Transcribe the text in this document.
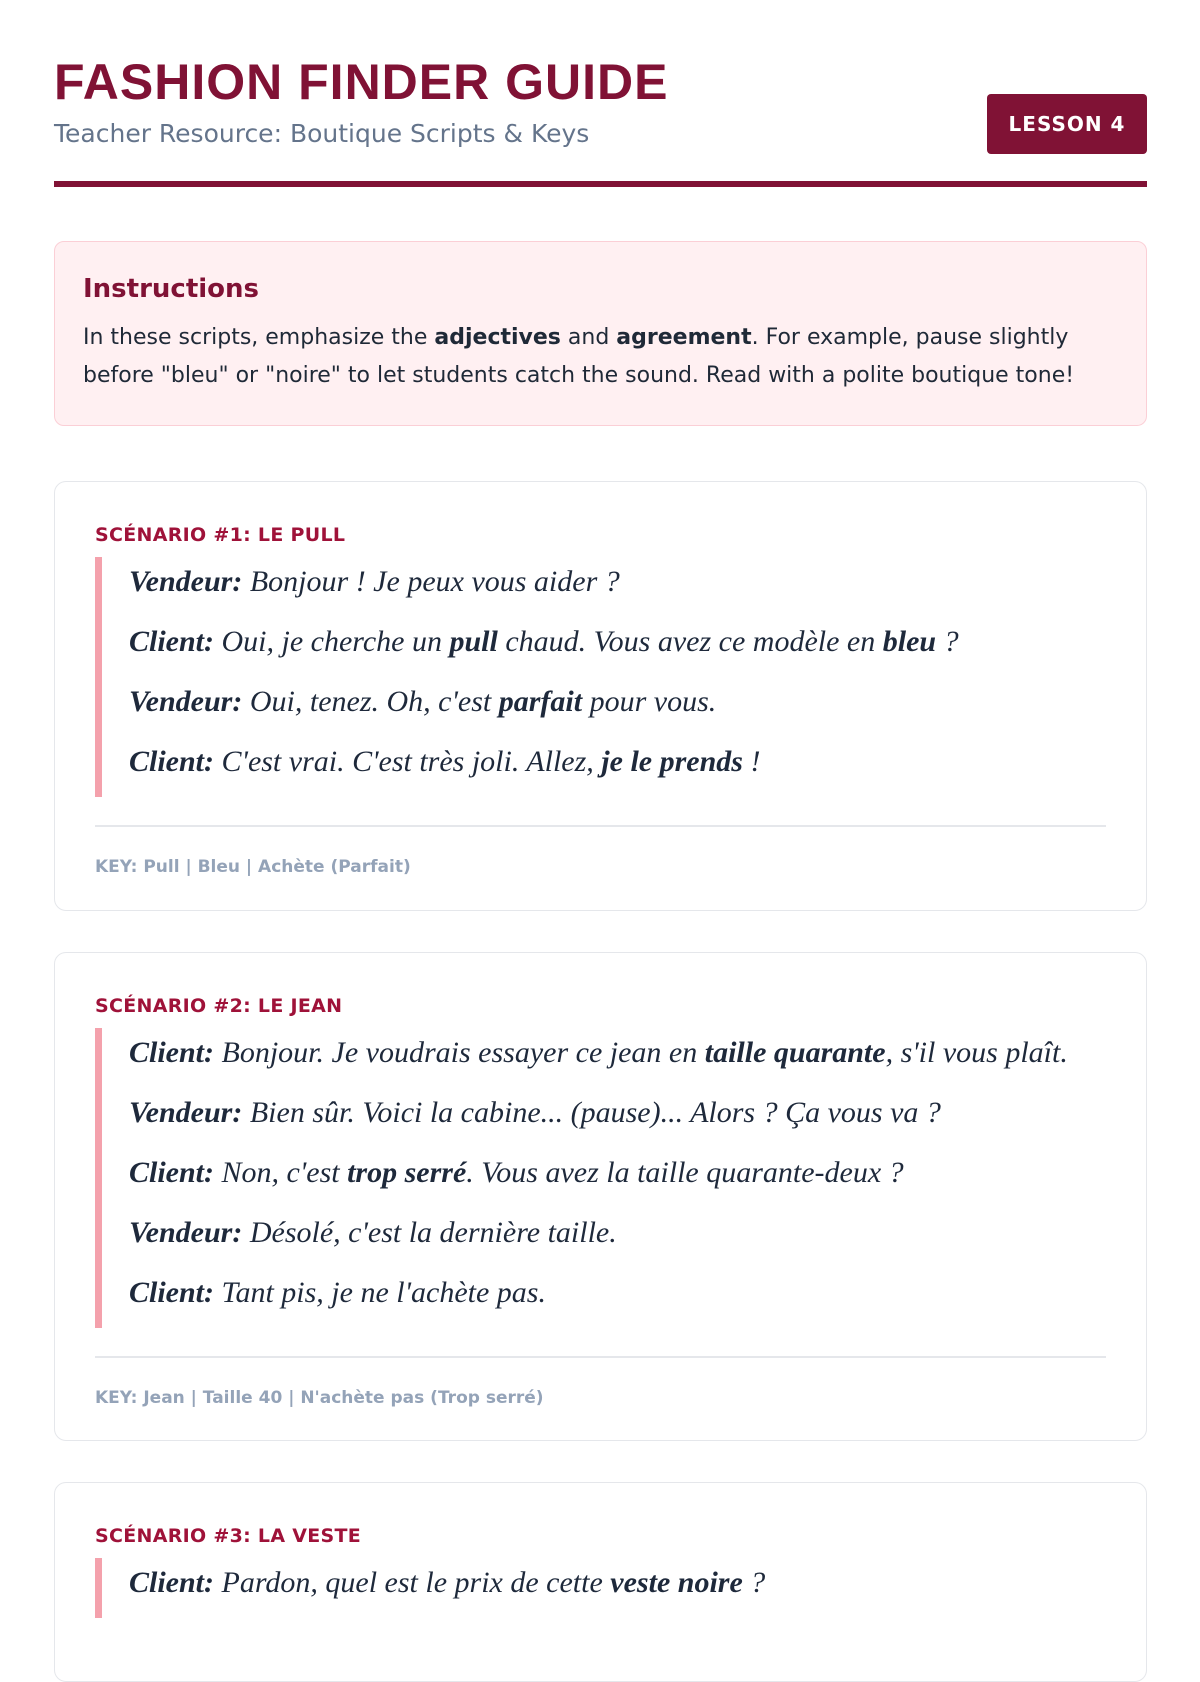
FASHION FINDER GUIDE

Teacher Resource: Boutique Scripts & Keys	LESSON 4
Instructions

In these scripts, emphasize the adjectives and agreement. For example, pause slightly before "bleu" or "noire" to let students catch the sound. Read with a polite boutique tone!

SCÉNARIO #1: LE PULL

Vendeur: Bonjour ! Je peux vous aider ?

Client: Oui, je cherche un pull chaud. Vous avez ce modèle en bleu ?

Vendeur: Oui, tenez. Oh, c'est parfait pour vous.

Client: C'est vrai. C'est très joli. Allez, je le prends !

KEY: Pull | Bleu | Achète (Parfait)
SCÉNARIO #2: LE JEAN

Client: Bonjour. Je voudrais essayer ce jean en taille quarante, s'il vous plaît.

Vendeur: Bien sûr. Voici la cabine... (pause)... Alors ? Ça vous va ?

Client: Non, c'est trop serré. Vous avez la taille quarante-deux ?

Vendeur: Désolé, c'est la dernière taille.

Client: Tant pis, je ne l'achète pas.

KEY: Jean | Taille 40 | N'achète pas (Trop serré)
SCÉNARIO #3: LA VESTE

Client: Pardon, quel est le prix de cette veste noire ?
